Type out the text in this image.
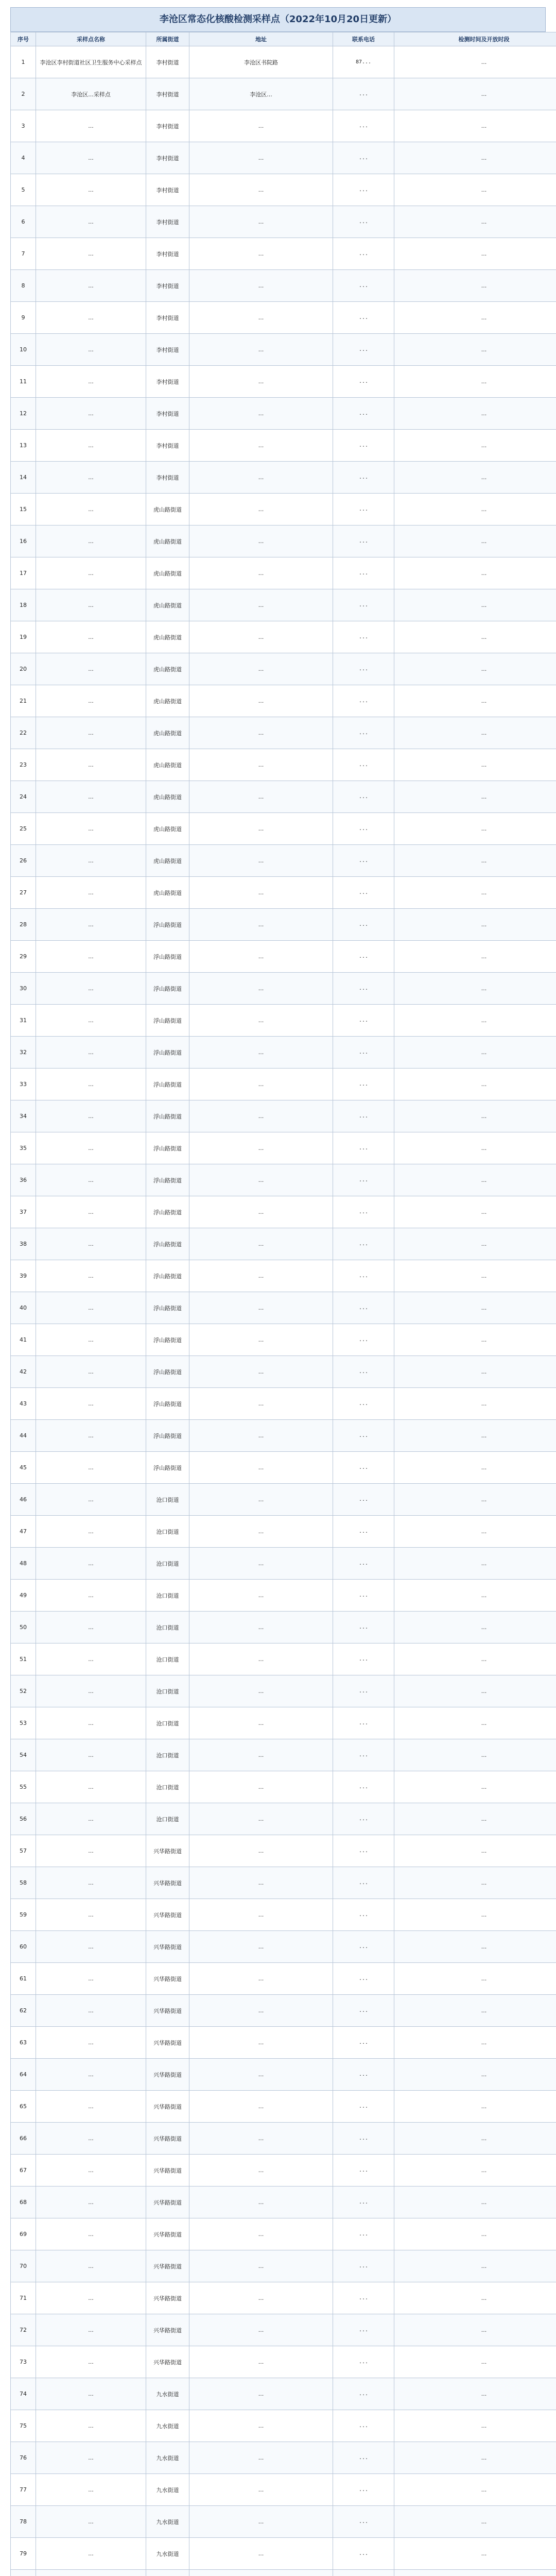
李沧区常态化核酸检测采样点（2022年10月20日更新）
序号	采样点名称	所属街道	地址	联系电话	检测时间及开放时段
1	李沧区李村街道社区卫生服务中心采样点	李村街道	李沧区书院路	87...	...
2	李沧区...采样点	李村街道	李沧区...	...	...
3	...	李村街道	...	...	...
4	...	李村街道	...	...	...
5	...	李村街道	...	...	...
6	...	李村街道	...	...	...
7	...	李村街道	...	...	...
8	...	李村街道	...	...	...
9	...	李村街道	...	...	...
10	...	李村街道	...	...	...
11	...	李村街道	...	...	...
12	...	李村街道	...	...	...
13	...	李村街道	...	...	...
14	...	李村街道	...	...	...
15	...	虎山路街道	...	...	...
16	...	虎山路街道	...	...	...
17	...	虎山路街道	...	...	...
18	...	虎山路街道	...	...	...
19	...	虎山路街道	...	...	...
20	...	虎山路街道	...	...	...
21	...	虎山路街道	...	...	...
22	...	虎山路街道	...	...	...
23	...	虎山路街道	...	...	...
24	...	虎山路街道	...	...	...
25	...	虎山路街道	...	...	...
26	...	虎山路街道	...	...	...
27	...	虎山路街道	...	...	...
28	...	浮山路街道	...	...	...
29	...	浮山路街道	...	...	...
30	...	浮山路街道	...	...	...
31	...	浮山路街道	...	...	...
32	...	浮山路街道	...	...	...
33	...	浮山路街道	...	...	...
34	...	浮山路街道	...	...	...
35	...	浮山路街道	...	...	...
36	...	浮山路街道	...	...	...
37	...	浮山路街道	...	...	...
38	...	浮山路街道	...	...	...
39	...	浮山路街道	...	...	...
40	...	浮山路街道	...	...	...
41	...	浮山路街道	...	...	...
42	...	浮山路街道	...	...	...
43	...	浮山路街道	...	...	...
44	...	浮山路街道	...	...	...
45	...	浮山路街道	...	...	...
46	...	沧口街道	...	...	...
47	...	沧口街道	...	...	...
48	...	沧口街道	...	...	...
49	...	沧口街道	...	...	...
50	...	沧口街道	...	...	...
51	...	沧口街道	...	...	...
52	...	沧口街道	...	...	...
53	...	沧口街道	...	...	...
54	...	沧口街道	...	...	...
55	...	沧口街道	...	...	...
56	...	沧口街道	...	...	...
57	...	兴华路街道	...	...	...
58	...	兴华路街道	...	...	...
59	...	兴华路街道	...	...	...
60	...	兴华路街道	...	...	...
61	...	兴华路街道	...	...	...
62	...	兴华路街道	...	...	...
63	...	兴华路街道	...	...	...
64	...	兴华路街道	...	...	...
65	...	兴华路街道	...	...	...
66	...	兴华路街道	...	...	...
67	...	兴华路街道	...	...	...
68	...	兴华路街道	...	...	...
69	...	兴华路街道	...	...	...
70	...	兴华路街道	...	...	...
71	...	兴华路街道	...	...	...
72	...	兴华路街道	...	...	...
73	...	兴华路街道	...	...	...
74	...	九水街道	...	...	...
75	...	九水街道	...	...	...
76	...	九水街道	...	...	...
77	...	九水街道	...	...	...
78	...	九水街道	...	...	...
79	...	九水街道	...	...	...
